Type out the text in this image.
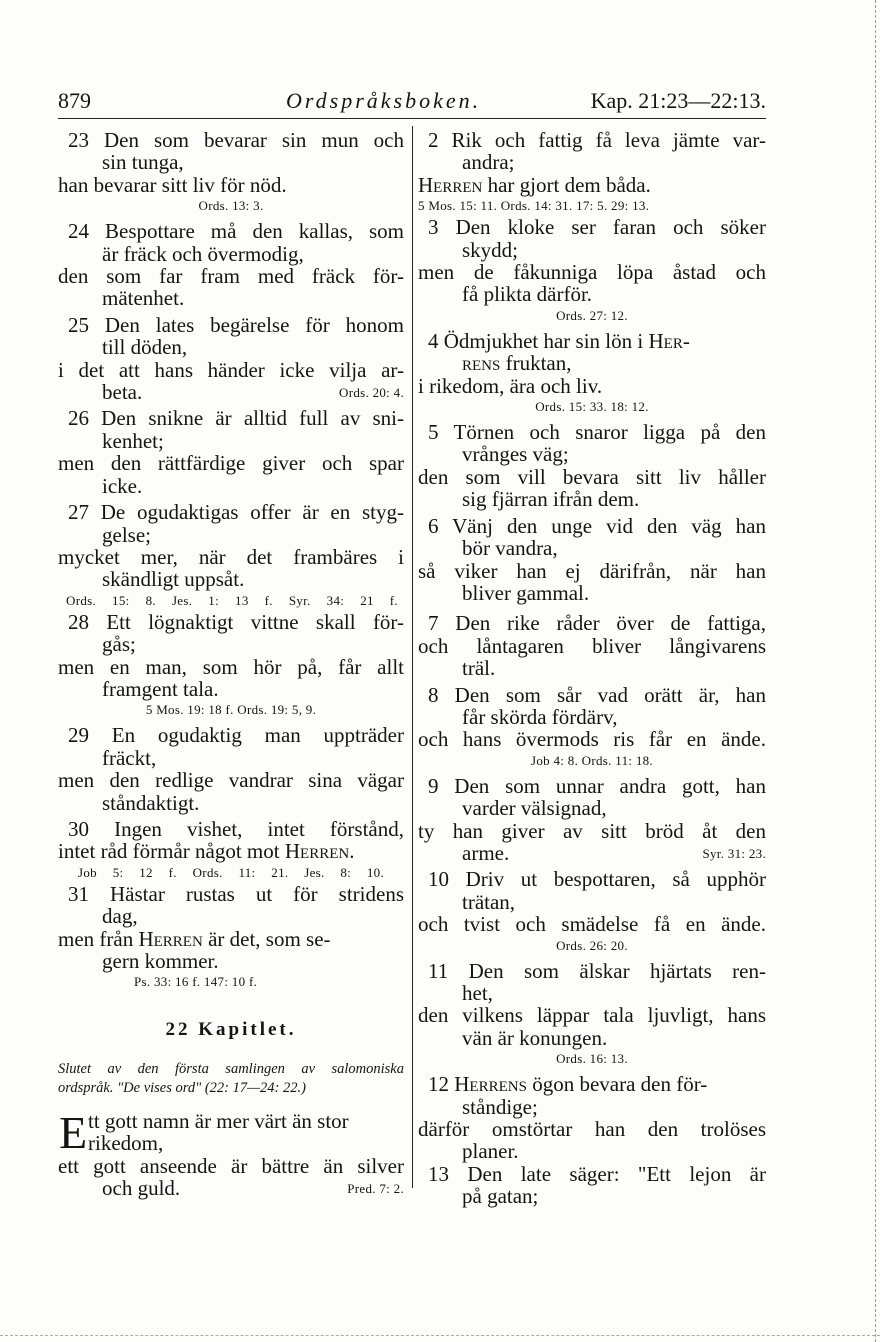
879	Ordspråksboken.	Kap. 21:23—22:13.
23 Den som bevarar sin mun och
sin tunga,
han bevarar sitt liv för nöd.
Ords. 13: 3.
24 Bespottare må den kallas, som
är fräck och övermodig,
den som far fram med fräck för-
mätenhet.
25 Den lates begärelse för honom
till döden,
i det att hans händer icke vilja ar-
beta.	Ords. 20: 4.
26 Den snikne är alltid full av sni-
kenhet;
men den rättfärdige giver och spar
icke.
27 De ogudaktigas offer är en styg-
gelse;
mycket mer, när det frambäres i
skändligt uppsåt.
Ords. 15: 8. Jes. 1: 13 f. Syr. 34: 21 f.
28 Ett lögnaktigt vittne skall för-
gås;
men en man, som hör på, får allt
framgent tala.
5 Mos. 19: 18 f. Ords. 19: 5, 9.
29 En ogudaktig man uppträder
fräckt,
men den redlige vandrar sina vägar
ståndaktigt.
30 Ingen vishet, intet förstånd,
intet råd förmår något mot Herren.
Job 5: 12 f. Ords. 11: 21. Jes. 8: 10.
31 Hästar rustas ut för stridens
dag,
men från Herren är det, som se-
gern kommer.
Ps. 33: 16 f. 147: 10 f.
22 Kapitlet.
Slutet av den första samlingen av salomoniska
ordspråk. "De vises ord" (22: 17—24: 22.)
E tt gott namn är mer värt än stor
rikedom,
ett gott anseende är bättre än silver
och guld.	Pred. 7: 2.
2 Rik och fattig få leva jämte var-
andra;
Herren har gjort dem båda.
5 Mos. 15: 11. Ords. 14: 31. 17: 5. 29: 13.
3 Den kloke ser faran och söker
skydd;
men de fåkunniga löpa åstad och
få plikta därför.
Ords. 27: 12.
4 Ödmjukhet har sin lön i Her-
rens fruktan,
i rikedom, ära och liv.
Ords. 15: 33. 18: 12.
5 Törnen och snaror ligga på den
vrånges väg;
den som vill bevara sitt liv håller
sig fjärran ifrån dem.
6 Vänj den unge vid den väg han
bör vandra,
så viker han ej därifrån, när han
bliver gammal.
7 Den rike råder över de fattiga,
och låntagaren bliver långivarens
träl.
8 Den som sår vad orätt är, han
får skörda fördärv,
och hans övermods ris får en ände.
Job 4: 8. Ords. 11: 18.
9 Den som unnar andra gott, han
varder välsignad,
ty han giver av sitt bröd åt den
arme.	Syr. 31: 23.
10 Driv ut bespottaren, så upphör
trätan,
och tvist och smädelse få en ände.
Ords. 26: 20.
11 Den som älskar hjärtats ren-
het,
den vilkens läppar tala ljuvligt, hans
vän är konungen.
Ords. 16: 13.
12 Herrens ögon bevara den för-
ståndige;
därför omstörtar han den trolöses
planer.
13 Den late säger: "Ett lejon är
på gatan;
